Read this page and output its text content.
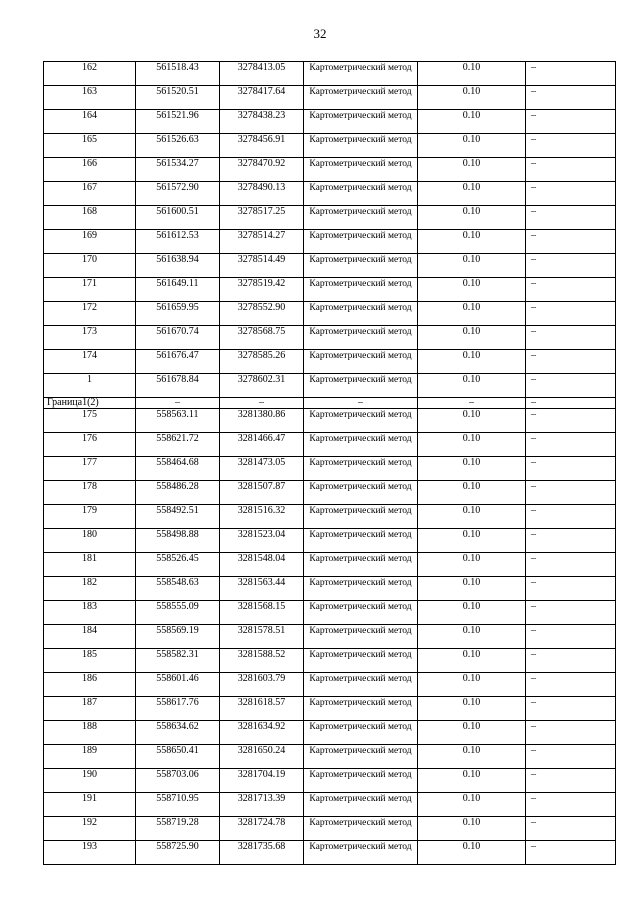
32
162	561518.43	3278413.05	Картометрический метод	0.10	–
163	561520.51	3278417.64	Картометрический метод	0.10	–
164	561521.96	3278438.23	Картометрический метод	0.10	–
165	561526.63	3278456.91	Картометрический метод	0.10	–
166	561534.27	3278470.92	Картометрический метод	0.10	–
167	561572.90	3278490.13	Картометрический метод	0.10	–
168	561600.51	3278517.25	Картометрический метод	0.10	–
169	561612.53	3278514.27	Картометрический метод	0.10	–
170	561638.94	3278514.49	Картометрический метод	0.10	–
171	561649.11	3278519.42	Картометрический метод	0.10	–
172	561659.95	3278552.90	Картометрический метод	0.10	–
173	561670.74	3278568.75	Картометрический метод	0.10	–
174	561676.47	3278585.26	Картометрический метод	0.10	–
1	561678.84	3278602.31	Картометрический метод	0.10	–
Граница1(2)	–	–	–	–	–
175	558563.11	3281380.86	Картометрический метод	0.10	–
176	558621.72	3281466.47	Картометрический метод	0.10	–
177	558464.68	3281473.05	Картометрический метод	0.10	–
178	558486.28	3281507.87	Картометрический метод	0.10	–
179	558492.51	3281516.32	Картометрический метод	0.10	–
180	558498.88	3281523.04	Картометрический метод	0.10	–
181	558526.45	3281548.04	Картометрический метод	0.10	–
182	558548.63	3281563.44	Картометрический метод	0.10	–
183	558555.09	3281568.15	Картометрический метод	0.10	–
184	558569.19	3281578.51	Картометрический метод	0.10	–
185	558582.31	3281588.52	Картометрический метод	0.10	–
186	558601.46	3281603.79	Картометрический метод	0.10	–
187	558617.76	3281618.57	Картометрический метод	0.10	–
188	558634.62	3281634.92	Картометрический метод	0.10	–
189	558650.41	3281650.24	Картометрический метод	0.10	–
190	558703.06	3281704.19	Картометрический метод	0.10	–
191	558710.95	3281713.39	Картометрический метод	0.10	–
192	558719.28	3281724.78	Картометрический метод	0.10	–
193	558725.90	3281735.68	Картометрический метод	0.10	–
